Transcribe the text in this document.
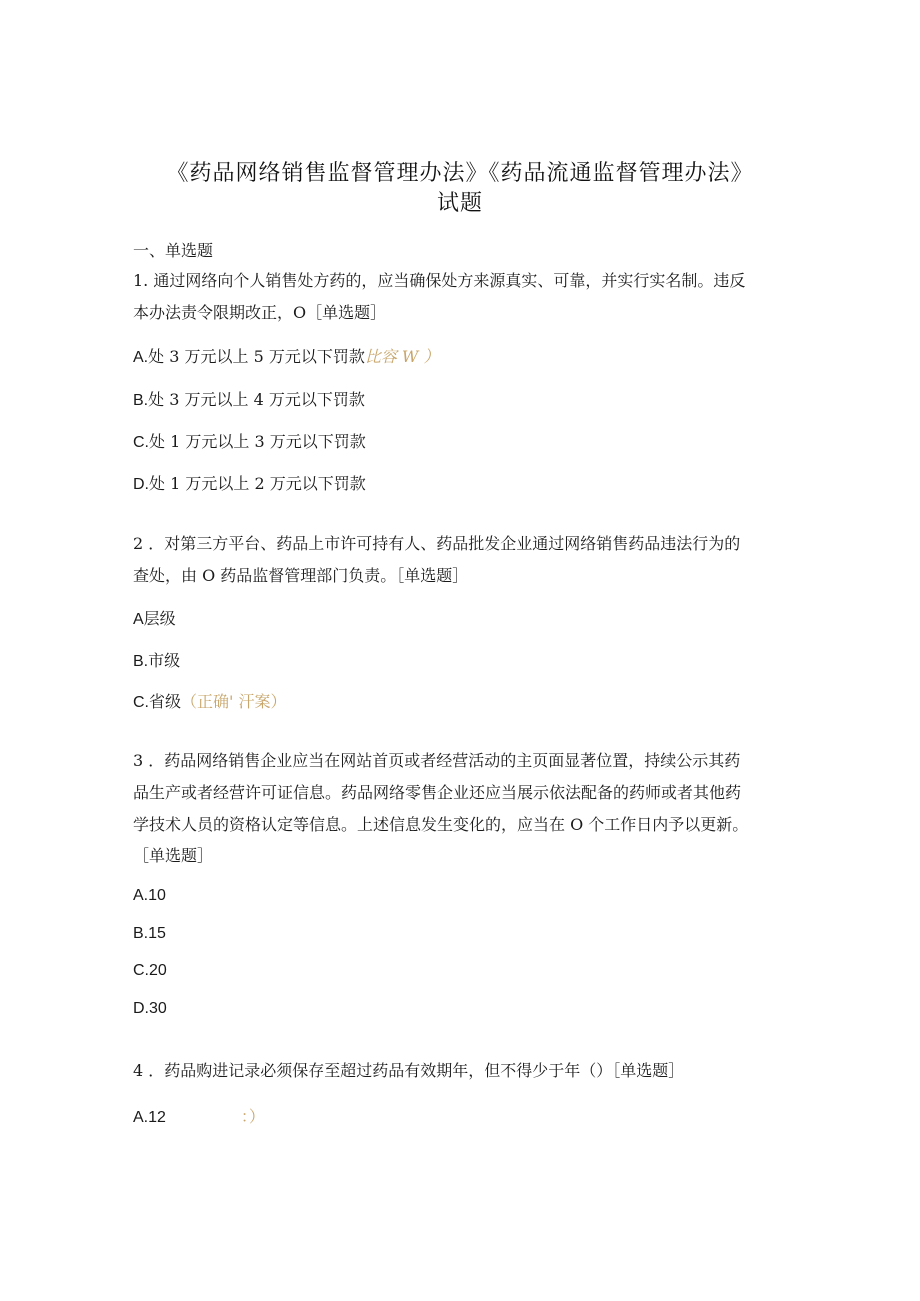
《药品网络销售监督管理办法》《药品流通监督管理办法》
试题
一、单选题
1. 通过网络向个人销售处方药的，应当确保处方来源真实、可靠，并实行实名制。违反
本办法责令限期改正，O［单选题］
A.处 3 万元以上 5 万元以下罚款比容 W ）
B.处 3 万元以上 4 万元以下罚款
C.处 1 万元以上 3 万元以下罚款
D.处 1 万元以上 2 万元以下罚款
2 ．对第三方平台、药品上市许可持有人、药品批发企业通过网络销售药品违法行为的
查处，由 O 药品监督管理部门负责。［单选题］
A层级
B.市级
C.省级（正确' 汗案）
3 ．药品网络销售企业应当在网站首页或者经营活动的主页面显著位置，持续公示其药
品生产或者经营许可证信息。药品网络零售企业还应当展示依法配备的药师或者其他药
学技术人员的资格认定等信息。上述信息发生变化的，应当在 O 个工作日内予以更新。
［单选题］
A.10
B.15
C.20
D.30
4 ．药品购进记录必须保存至超过药品有效期年，但不得少于年（）［单选题］
A.12	：）
